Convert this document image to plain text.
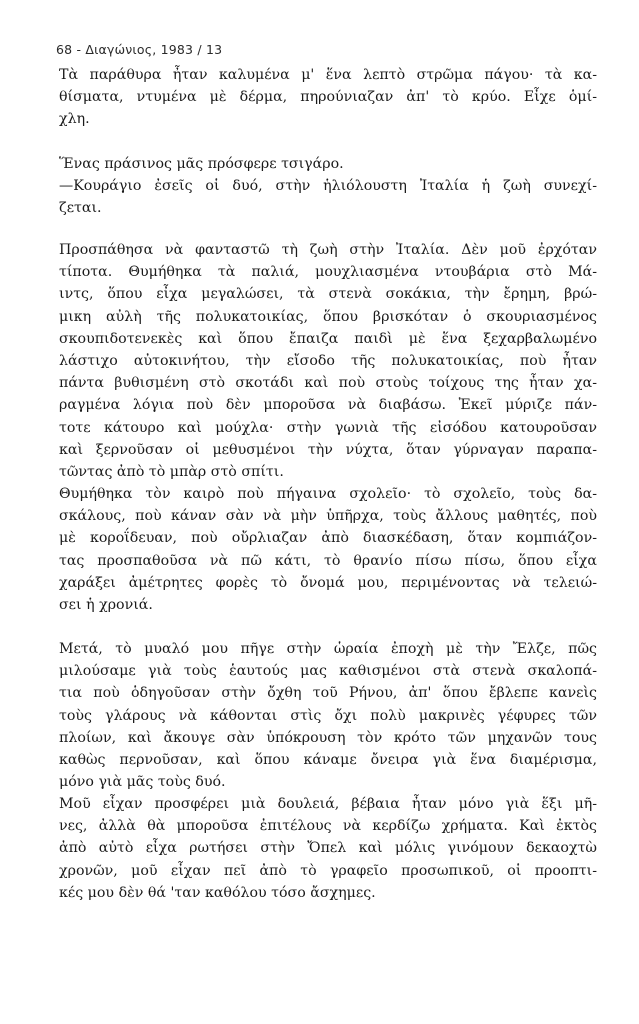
68 - Διαγώνιος, 1983 / 13
Τὰ παράθυρα ἦταν καλυμένα μ' ἕνα λεπτὸ στρῶμα πάγου· τὰ κα-
θίσματα, ντυμένα μὲ δέρμα, πηρούνιαζαν ἀπ' τὸ κρύο. Εἶχε ὁμί-
χλη.
Ἕνας πράσινος μᾶς πρόσφερε τσιγάρο.
—Κουράγιο ἐσεῖς οἱ δυό, στὴν ἡλιόλουστη Ἰταλία ἡ ζωὴ συνεχί-
ζεται.
Προσπάθησα νὰ φανταστῶ τὴ ζωὴ στὴν Ἰταλία. Δὲν μοῦ ἐρχόταν
τίποτα. Θυμήθηκα τὰ παλιά, μουχλιασμένα ντουβάρια στὸ Μά-
ιντς, ὅπου εἶχα μεγαλώσει, τὰ στενὰ σοκάκια, τὴν ἔρημη, βρώ-
μικη αὐλὴ τῆς πολυκατοικίας, ὅπου βρισκόταν ὁ σκουριασμένος
σκουπιδοτενεκὲς καὶ ὅπου ἔπαιζα παιδὶ μὲ ἕνα ξεχαρβαλωμένο
λάστιχο αὐτοκινήτου, τὴν εἴσοδο τῆς πολυκατοικίας, ποὺ ἦταν
πάντα βυθισμένη στὸ σκοτάδι καὶ ποὺ στοὺς τοίχους της ἦταν χα-
ραγμένα λόγια ποὺ δὲν μποροῦσα νὰ διαβάσω. Ἐκεῖ μύριζε πάν-
τοτε κάτουρο καὶ μούχλα· στὴν γωνιὰ τῆς εἰσόδου κατουροῦσαν
καὶ ξερνοῦσαν οἱ μεθυσμένοι τὴν νύχτα, ὅταν γύρναγαν παραπα-
τῶντας ἀπὸ τὸ μπὰρ στὸ σπίτι.
Θυμήθηκα τὸν καιρὸ ποὺ πήγαινα σχολεῖο· τὸ σχολεῖο, τοὺς δα-
σκάλους, ποὺ κάναν σὰν νὰ μὴν ὑπῆρχα, τοὺς ἄλλους μαθητές, ποὺ
μὲ κοροΐδευαν, ποὺ οὔρλιαζαν ἀπὸ διασκέδαση, ὅταν κομπιάζον-
τας προσπαθοῦσα νὰ πῶ κάτι, τὸ θρανίο πίσω πίσω, ὅπου εἶχα
χαράξει ἀμέτρητες φορὲς τὸ ὄνομά μου, περιμένοντας νὰ τελειώ-
σει ἡ χρονιά.
Μετά, τὸ μυαλό μου πῆγε στὴν ὡραία ἐποχὴ μὲ τὴν Ἔλζε, πῶς
μιλούσαμε γιὰ τοὺς ἑαυτούς μας καθισμένοι στὰ στενὰ σκαλοπά-
τια ποὺ ὁδηγοῦσαν στὴν ὄχθη τοῦ Ρήνου, ἀπ' ὅπου ἔβλεπε κανεὶς
τοὺς γλάρους νὰ κάθονται στὶς ὄχι πολὺ μακρινὲς γέφυρες τῶν
πλοίων, καὶ ἄκουγε σὰν ὑπόκρουση τὸν κρότο τῶν μηχανῶν τους
καθὼς περνοῦσαν, καὶ ὅπου κάναμε ὄνειρα γιὰ ἕνα διαμέρισμα,
μόνο γιὰ μᾶς τοὺς δυό.
Μοῦ εἶχαν προσφέρει μιὰ δουλειά, βέβαια ἦταν μόνο γιὰ ἕξι μῆ-
νες, ἀλλὰ θὰ μποροῦσα ἐπιτέλους νὰ κερδίζω χρήματα. Καὶ ἐκτὸς
ἀπὸ αὐτὸ εἶχα ρωτήσει στὴν Ὄπελ καὶ μόλις γινόμουν δεκαοχτὼ
χρονῶν, μοῦ εἶχαν πεῖ ἀπὸ τὸ γραφεῖο προσωπικοῦ, οἱ προοπτι-
κές μου δὲν θά 'ταν καθόλου τόσο ἄσχημες.
